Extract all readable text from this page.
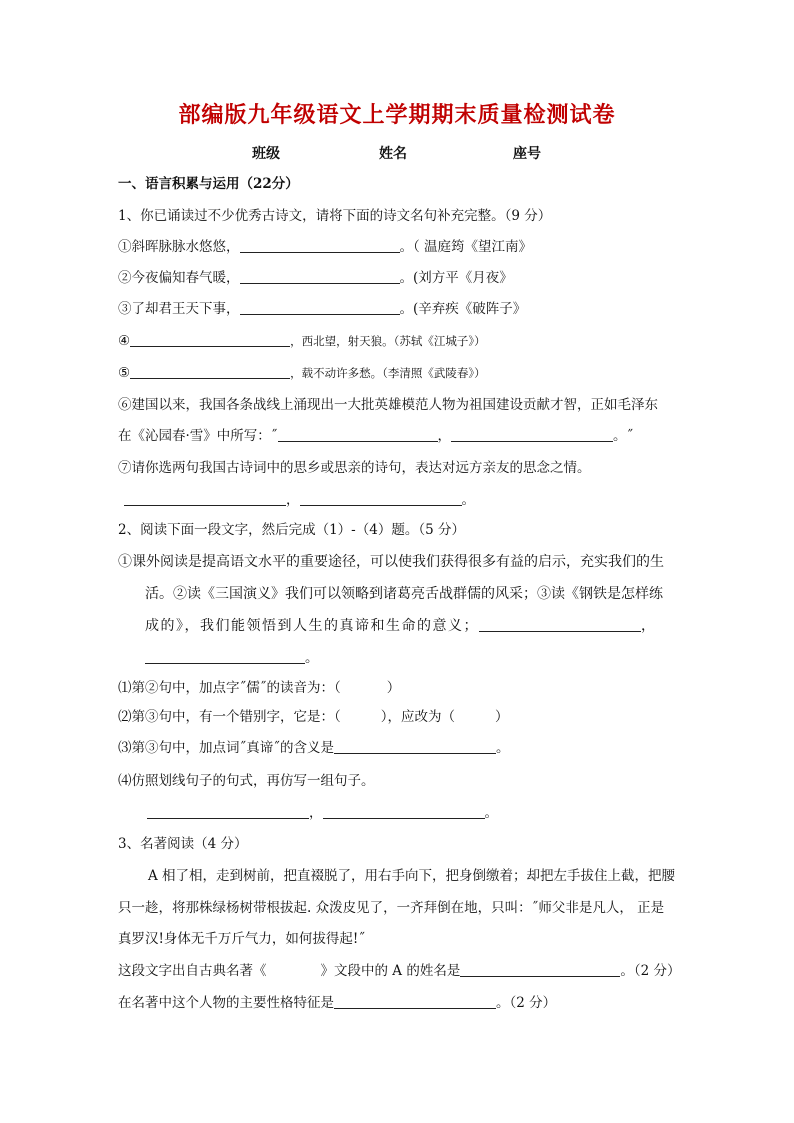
部编版九年级语文上学期期末质量检测试卷
班级	姓名	座号
一、语言积累与运用（22分）
1、你已诵读过不少优秀古诗文，请将下面的诗文名句补充完整。（9 分）
①斜晖脉脉水悠悠，	。（ 温庭筠《望江南》
②今夜偏知春气暖，	。(刘方平《月夜》
③了却君王天下事，	。(辛弃疾《破阵子》
④	，西北望，射天狼。（苏轼《江城子》）
⑤	，载不动许多愁。（李清照《武陵春》）
⑥建国以来，我国各条战线上涌现出一大批英雄模范人物为祖国建设贡献才智，正如毛泽东
在《沁园春·雪》中所写：˝	，	。˝
⑦请你选两句我国古诗词中的思乡或思亲的诗句，表达对远方亲友的思念之情。
，	。
2、阅读下面一段文字，然后完成（1）-（4）题。（5 分）
①课外阅读是提高语文水平的重要途径，可以使我们获得很多有益的启示，充实我们的生
活。②读《三国演义》我们可以领略到诸葛亮舌战群儒的风采；③读《钢铁是怎样练
成的》，我们能领悟到人生的真谛和生命的意义；	，
。
⑴第②句中，加点字˝儒˝的读音为：（	）
⑵第③句中，有一个错别字，它是：（	），应改为（	）
⑶第③句中，加点词˝真谛˝的含义是	。
⑷仿照划线句子的句式，再仿写一组句子。
，	。
3、名著阅读（4 分）
A 相了相，走到树前，把直裰脱了，用右手向下，把身倒缴着；却把左手拔住上截，把腰
只一趁，将那株绿杨树带根拔起. 众泼皮见了，一齐拜倒在地，只叫：˝师父非是凡人， 正是
真罗汉!身体无千万斤气力，如何拔得起!˝
这段文字出自古典名著《	》文段中的 A 的姓名是	。（2 分）
在名著中这个人物的主要性格特征是	。（2 分）
